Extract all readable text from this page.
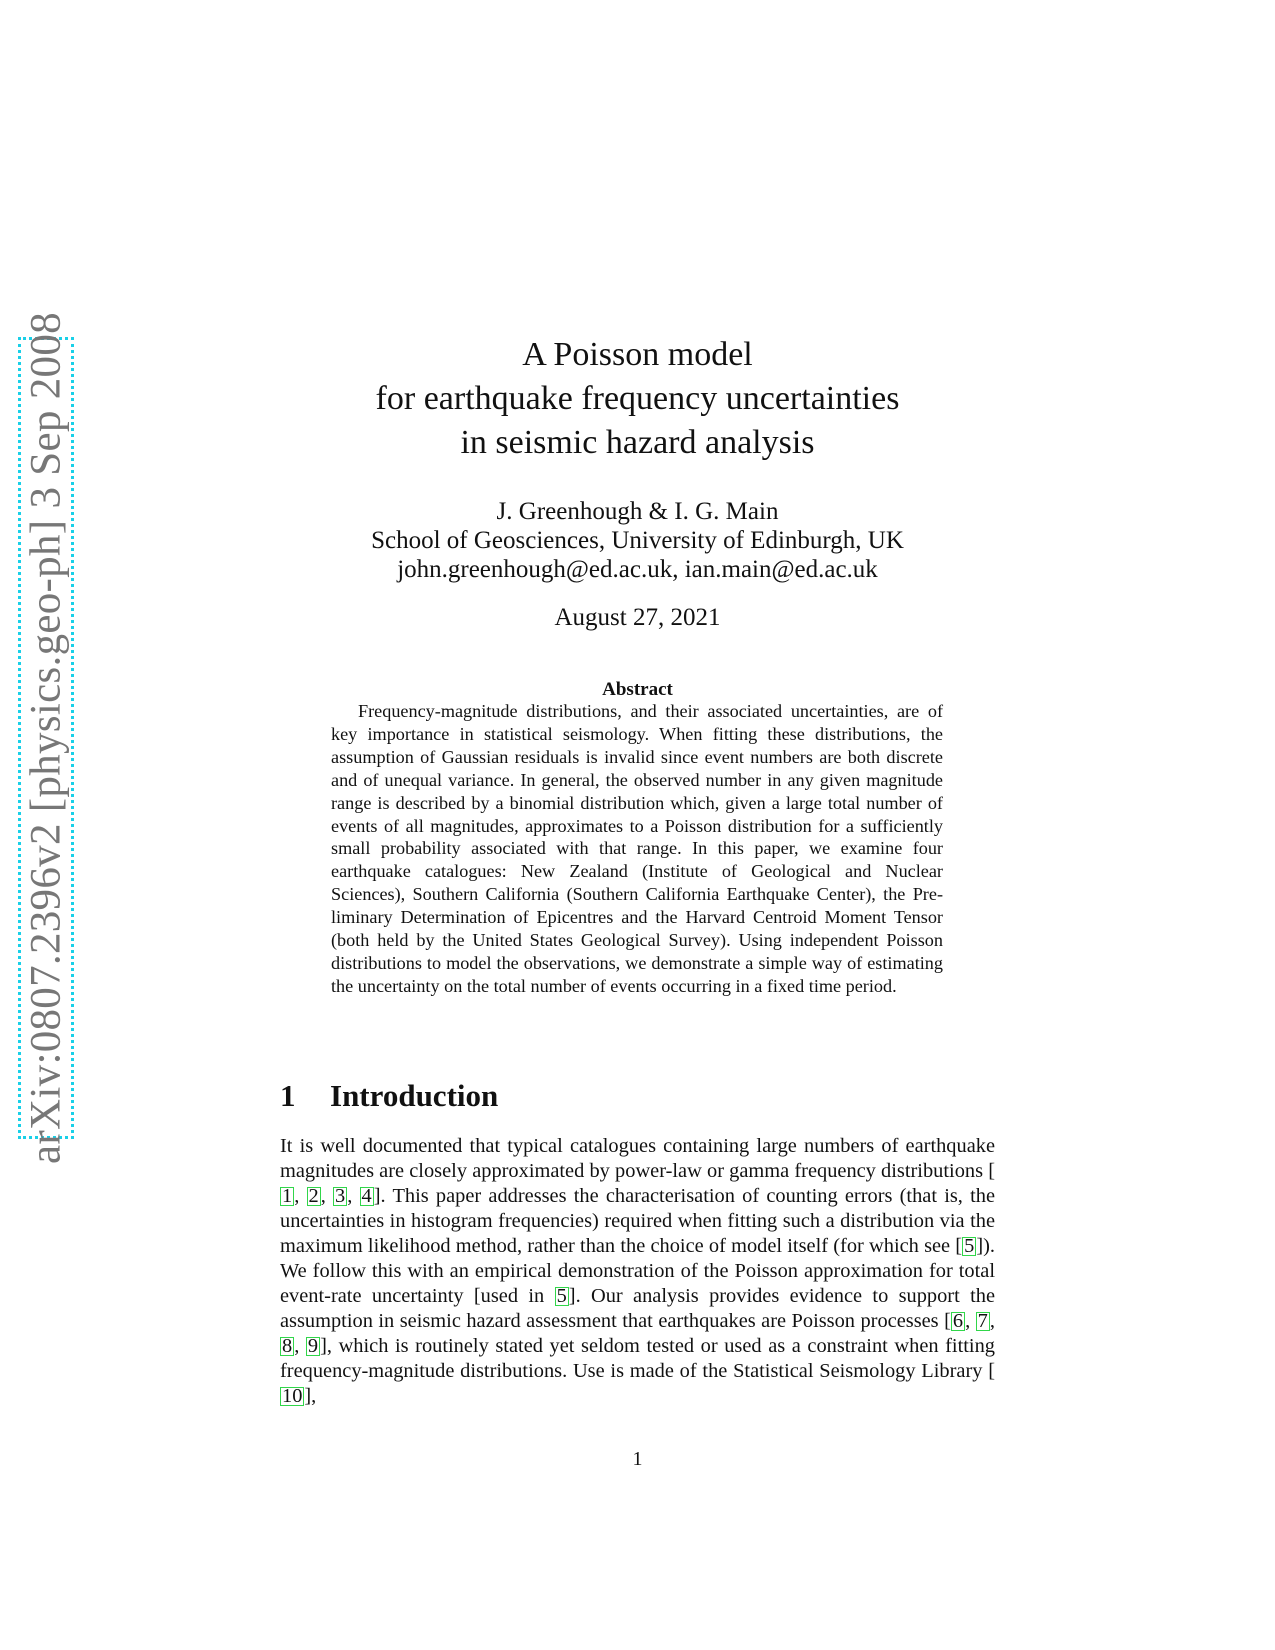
arXiv:0807.2396v2 [physics.geo-ph] 3 Sep 2008	A Poisson model
for earthquake frequency uncertainties
in seismic hazard analysis
J. Greenhough & I. G. Main
School of Geosciences, University of Edinburgh, UK
john.greenhough@ed.ac.uk, ian.main@ed.ac.uk
August 27, 2021
Abstract

Frequency-magnitude distributions, and their associated uncertainties, are of key importance in statistical seismology. When fitting these distributions, the assumption of Gaussian residuals is invalid since event numbers are both discrete and of unequal variance. In general, the observed number in any given magnitude range is described by a binomial distribution which, given a large total number of events of all magnitudes, approximates to a Poisson distribution for a sufficiently small probability associated with that range. In this paper, we examine four earthquake catalogues: New Zealand (Institute of Geological and Nuclear Sciences), Southern California (Southern California Earthquake Center), the Preliminary Determination of Epicentres and the Harvard Centroid Moment Tensor (both held by the United States Geological Survey). Using independent Poisson distributions to model the observations, we demonstrate a simple way of estimating the uncertainty on the total number of events occurring in a fixed time period.

1 Introduction

It is well documented that typical catalogues containing large numbers of earthquake magnitudes are closely approximated by power-law or gamma frequency distributions [1, 2, 3, 4]. This paper addresses the characterisation of counting errors (that is, the uncertainties in histogram frequencies) required when fitting such a distribution via the maximum likelihood method, rather than the choice of model itself (for which see [5]). We follow this with an empirical demonstration of the Poisson approximation for total event-rate uncertainty [used in 5]. Our analysis provides evidence to support the assumption in seismic hazard assessment that earthquakes are Poisson processes [6, 7, 8, 9], which is routinely stated yet seldom tested or used as a constraint when fitting frequency-magnitude distributions. Use is made of the Statistical Seismology Library [10],

1
